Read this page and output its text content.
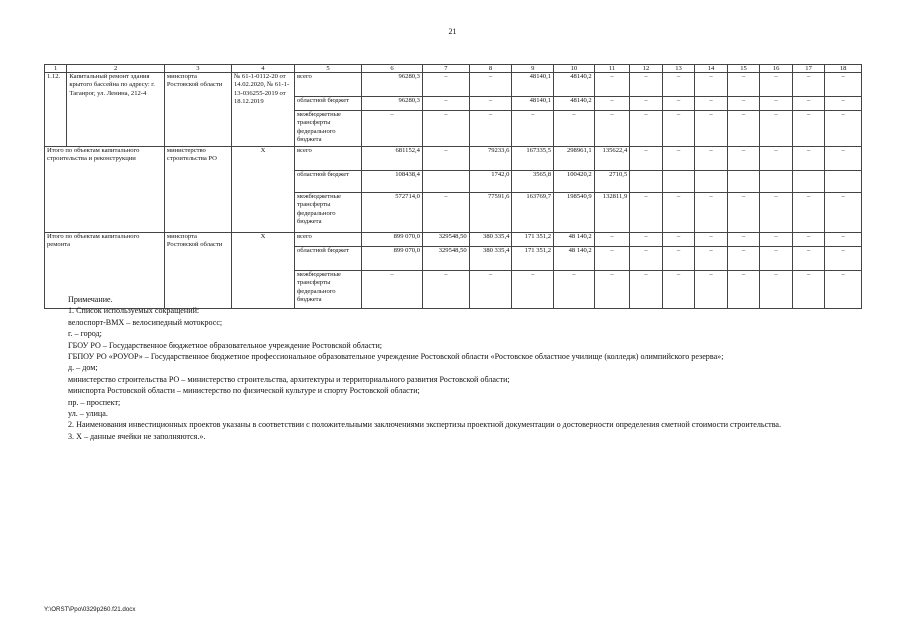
21
1	2	3	4	5	6	7	8	9	10	11	12	13	14	15	16	17	18
1.12.	Капитальный ремонт здания крытого бассейна по адресу: г. Таганрог, ул. Ленина, 212-4	минспорта Ростовской области	№ 61-1-0112-20 от 14.02.2020, № 61-1-13-036255-2019 от 18.12.2019	всего	96280,3	–	–	48140,1	48140,2	–	–	–	–	–	–	–	–
				областной бюджет	96280,3	–	–	48140,1	48140,2	–	–	–	–	–	–	–	–
				межбюджетные трансферты федерального бюджета	–	–	–	–	–	–	–	–	–	–	–	–	–
Итого по объектам капитального строительства и реконструкции		министерство строительства РО	X	всего	681152,4	–	79233,6	167335,5	298961,1	135622,4	–	–	–	–	–	–	–
				областной бюджет	108438,4		1742,0	3565,8	100420,2	2710,5							
				межбюджетные трансферты федерального бюджета	572714,0	–	77591,6	163769,7	198540,9	132811,9	–	–	–	–	–	–	–
Итого по объектам капитального ремонта		минспорта Ростовской области	X	всего	899 070,0	329548,50	380 335,4	171 351,2	48 140,2	–	–	–	–	–	–	–	–
				областной бюджет	899 070,0	329548,50	380 335,4	171 351,2	48 140,2	–	–	–	–	–	–	–	–
				межбюджетные трансферты федерального бюджета	–	–	–	–	–	–	–	–	–	–	–	–	–

Примечание.

1. Список используемых сокращений:

велоспорт-BMX – велосипедный мотокросс;

г. – город;

ГБОУ РО – Государственное бюджетное образовательное учреждение Ростовской области;

ГБПОУ РО «РОУОР» – Государственное бюджетное профессиональное образовательное учреждение Ростовской области «Ростовское областное училище (колледж) олимпийского резерва»;

д. – дом;

министерство строительства РО – министерство строительства, архитектуры и территориального развития Ростовской области;

минспорта Ростовской области – министерство по физической культуре и спорту Ростовской области;

пр. – проспект;

ул. – улица.

2. Наименования инвестиционных проектов указаны в соответствии с положительными заключениями экспертизы проектной документации о достоверности определения сметной стоимости строительства.

3. X – данные ячейки не заполняются.».

Y:\ORST\Ppo\0329p260.f21.docx
